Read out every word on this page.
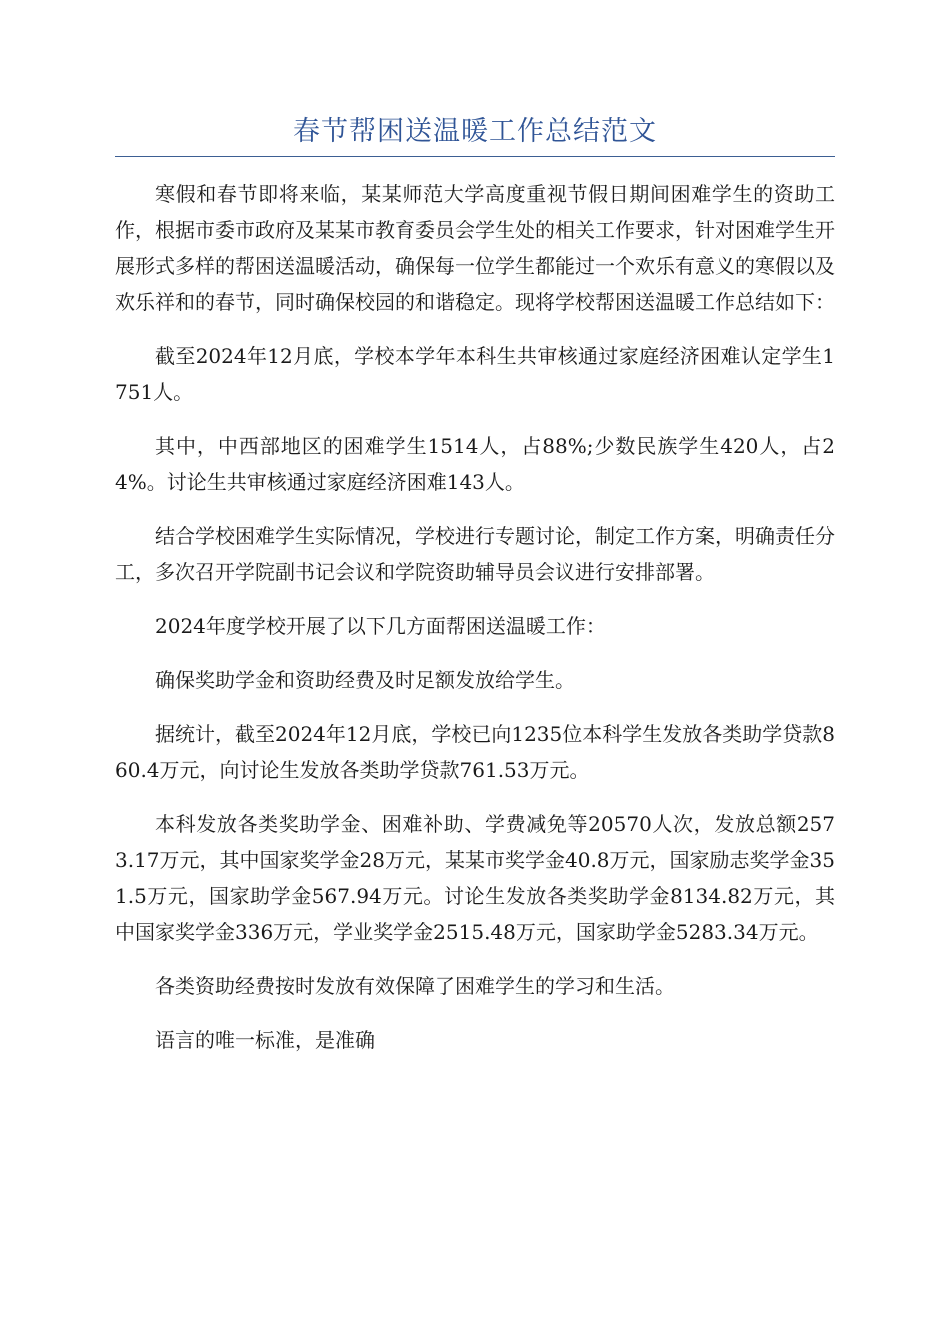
春节帮困送温暖工作总结范文

寒假和春节即将来临，某某师范大学高度重视节假日期间困难学生的资助工作，根据市委市政府及某某市教育委员会学生处的相关工作要求，针对困难学生开展形式多样的帮困送温暖活动，确保每一位学生都能过一个欢乐有意义的寒假以及欢乐祥和的春节，同时确保校园的和谐稳定。现将学校帮困送温暖工作总结如下：

截至2024年12月底，学校本学年本科生共审核通过家庭经济困难认定学生1751人。

其中，中西部地区的困难学生1514人，占88%;少数民族学生420人，占24%。讨论生共审核通过家庭经济困难143人。

结合学校困难学生实际情况，学校进行专题讨论，制定工作方案，明确责任分工，多次召开学院副书记会议和学院资助辅导员会议进行安排部署。

2024年度学校开展了以下几方面帮困送温暖工作：

确保奖助学金和资助经费及时足额发放给学生。

据统计，截至2024年12月底，学校已向1235位本科学生发放各类助学贷款860.4万元，向讨论生发放各类助学贷款761.53万元。

本科发放各类奖助学金、困难补助、学费减免等20570人次，发放总额2573.17万元，其中国家奖学金28万元，某某市奖学金40.8万元，国家励志奖学金351.5万元，国家助学金567.94万元。讨论生发放各类奖助学金8134.82万元，其中国家奖学金336万元，学业奖学金2515.48万元，国家助学金5283.34万元。

各类资助经费按时发放有效保障了困难学生的学习和生活。

语言的唯一标准，是准确
